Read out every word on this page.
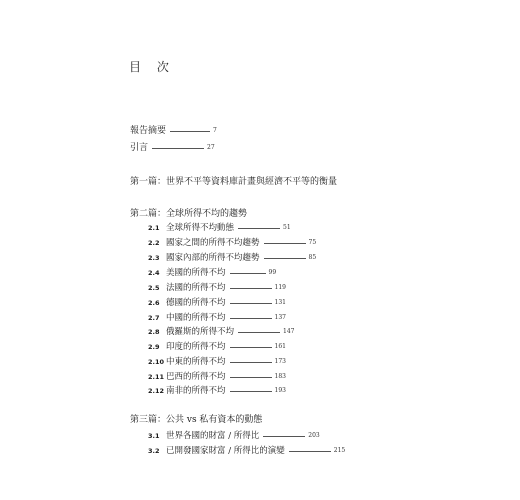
目 次
報告摘要	7
引言	27
第一篇：世界不平等資料庫計畫與經濟不平等的衡量
第二篇：全球所得不均的趨勢
2.1 全球所得不均動態	51
2.2 國家之間的所得不均趨勢	75
2.3 國家內部的所得不均趨勢	85
2.4 美國的所得不均	99
2.5 法國的所得不均	119
2.6 德國的所得不均	131
2.7 中國的所得不均	137
2.8 俄羅斯的所得不均	147
2.9 印度的所得不均	161
2.10 中東的所得不均	173
2.11 巴西的所得不均	183
2.12 南非的所得不均	193
第三篇：公共 vs 私有資本的動態
3.1 世界各國的財富 / 所得比	203
3.2 已開發國家財富 / 所得比的演變	215
